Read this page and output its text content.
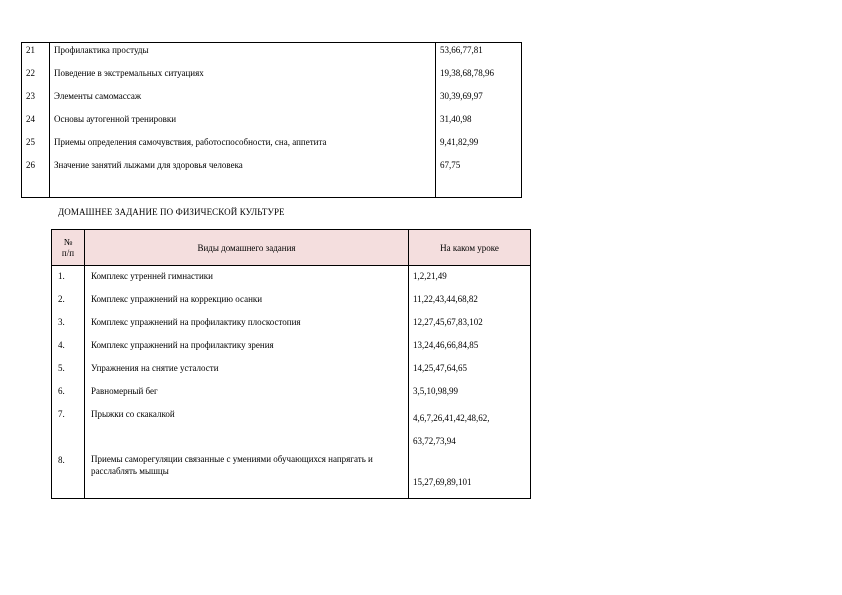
21	Профилактика простуды	53,66,77,81
22	Поведение в экстремальных ситуациях	19,38,68,78,96
23	Элементы самомассаж	30,39,69,97
24	Основы аутогенной тренировки	31,40,98
25	Приемы определения самочувствия, работоспособности, сна, аппетита	9,41,82,99
26	Значение занятий лыжами для здоровья человека	67,75
ДОМАШНЕЕ ЗАДАНИЕ ПО ФИЗИЧЕСКОЙ КУЛЬТУРЕ
№
п/п	Виды домашнего задания	На каком уроке
1.	Комплекс утренней гимнастики	1,2,21,49
2.	Комплекс упражнений на коррекцию осанки	11,22,43,44,68,82
3.	Комплекс упражнений на профилактику плоскостопия	12,27,45,67,83,102
4.	Комплекс упражнений на профилактику зрения	13,24,46,66,84,85
5.	Упражнения на снятие усталости	14,25,47,64,65
6.	Равномерный бег	3,5,10,98,99
7.	Прыжки со скакалкой	4,6,7,26,41,42,48,62,
63,72,73,94

8.	Приемы саморегуляции связанные с умениями обучающихся напрягать и расслаблять мышцы	15,27,69,89,101
